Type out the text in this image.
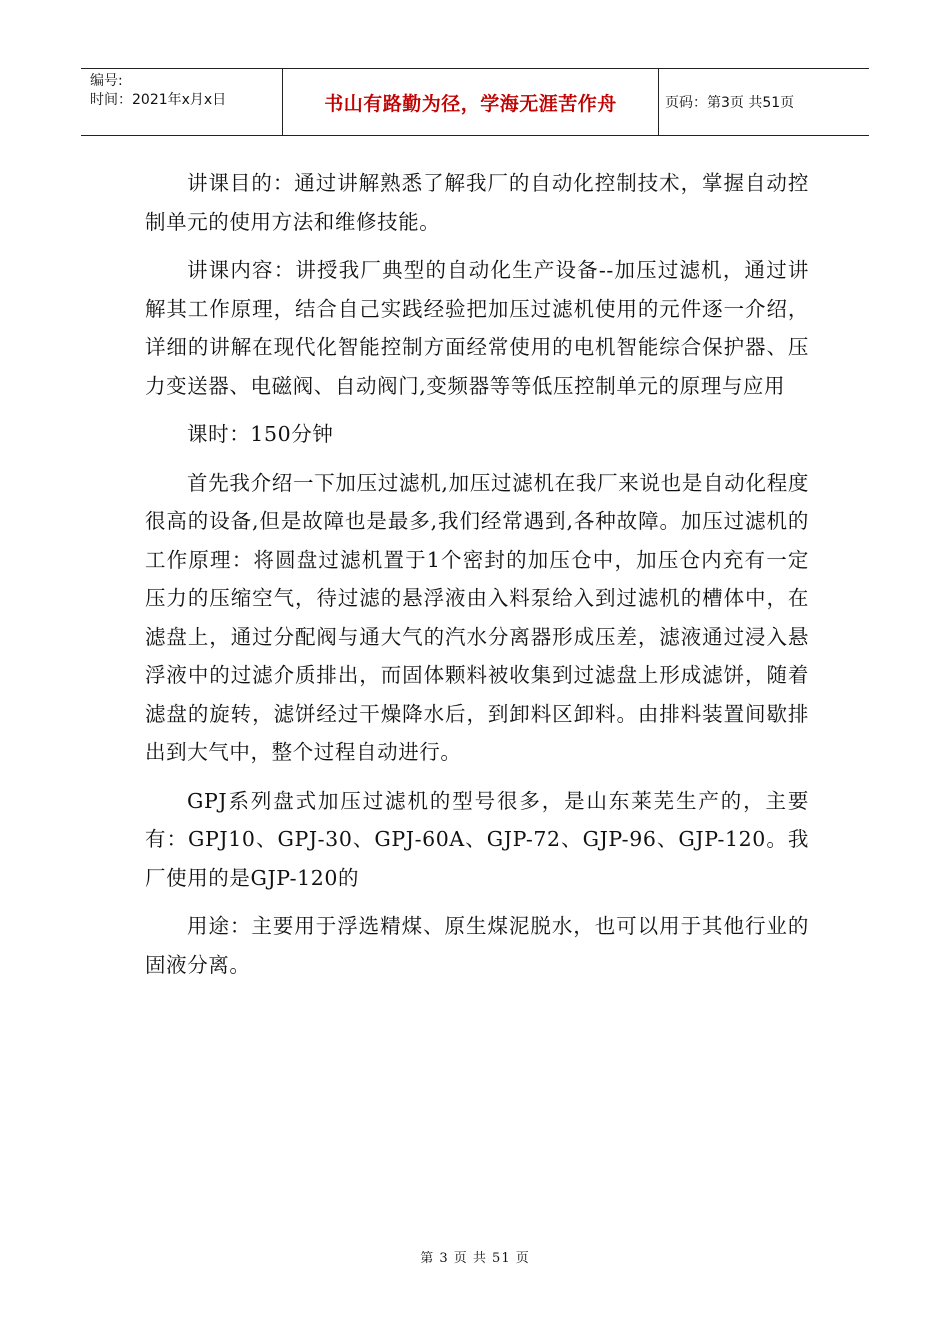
编号:
时间：2021年x月x日	书山有路勤为径，学海无涯苦作舟	页码：第3页 共51页

讲课目的：通过讲解熟悉了解我厂的自动化控制技术，掌握自动控制单元的使用方法和维修技能。

讲课内容：讲授我厂典型的自动化生产设备--加压过滤机，通过讲解其工作原理，结合自己实践经验把加压过滤机使用的元件逐一介绍，详细的讲解在现代化智能控制方面经常使用的电机智能综合保护器、压力变送器、电磁阀、自动阀门,变频器等等低压控制单元的原理与应用

课时：150分钟

首先我介绍一下加压过滤机,加压过滤机在我厂来说也是自动化程度很高的设备,但是故障也是最多,我们经常遇到,各种故障。加压过滤机的工作原理：将圆盘过滤机置于1个密封的加压仓中，加压仓内充有一定压力的压缩空气，待过滤的悬浮液由入料泵给入到过滤机的槽体中，在滤盘上，通过分配阀与通大气的汽水分离器形成压差，滤液通过浸入悬浮液中的过滤介质排出，而固体颗料被收集到过滤盘上形成滤饼，随着滤盘的旋转，滤饼经过干燥降水后，到卸料区卸料。由排料装置间歇排出到大气中，整个过程自动进行。

GPJ系列盘式加压过滤机的型号很多，是山东莱芜生产的，主要有：GPJ10、GPJ-30、GPJ-60A、GJP-72、GJP-96、GJP-120。我厂使用的是GJP-120的

用途：主要用于浮选精煤、原生煤泥脱水，也可以用于其他行业的固液分离。

第 3 页 共 51 页
